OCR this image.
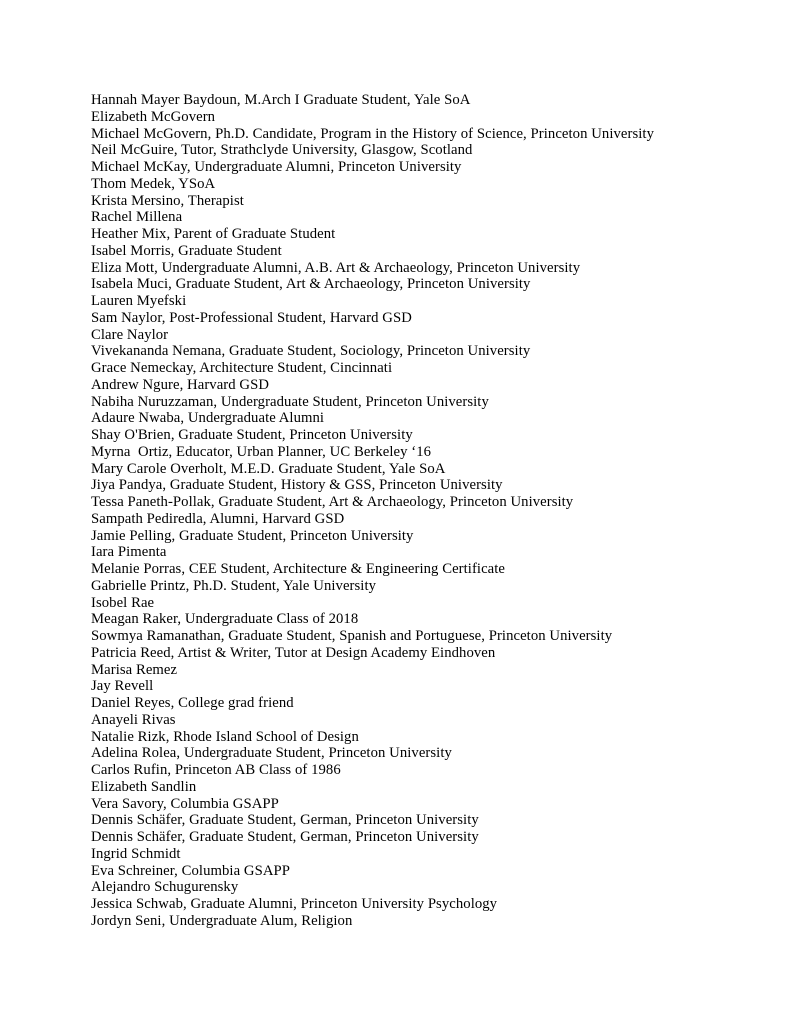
Hannah Mayer Baydoun, M.Arch I Graduate Student, Yale SoA
Elizabeth McGovern
Michael McGovern, Ph.D. Candidate, Program in the History of Science, Princeton University
Neil McGuire, Tutor, Strathclyde University, Glasgow, Scotland
Michael McKay, Undergraduate Alumni, Princeton University
Thom Medek, YSoA
Krista Mersino, Therapist
Rachel Millena
Heather Mix, Parent of Graduate Student
Isabel Morris, Graduate Student
Eliza Mott, Undergraduate Alumni, A.B. Art & Archaeology, Princeton University
Isabela Muci, Graduate Student, Art & Archaeology, Princeton University
Lauren Myefski
Sam Naylor, Post-Professional Student, Harvard GSD
Clare Naylor
Vivekananda Nemana, Graduate Student, Sociology, Princeton University
Grace Nemeckay, Architecture Student, Cincinnati
Andrew Ngure, Harvard GSD
Nabiha Nuruzzaman, Undergraduate Student, Princeton University
Adaure Nwaba, Undergraduate Alumni
Shay O'Brien, Graduate Student, Princeton University
Myrna  Ortiz, Educator, Urban Planner, UC Berkeley ‘16
Mary Carole Overholt, M.E.D. Graduate Student, Yale SoA
Jiya Pandya, Graduate Student, History & GSS, Princeton University
Tessa Paneth-Pollak, Graduate Student, Art & Archaeology, Princeton University
Sampath Pediredla, Alumni, Harvard GSD
Jamie Pelling, Graduate Student, Princeton University
Iara Pimenta
Melanie Porras, CEE Student, Architecture & Engineering Certificate
Gabrielle Printz, Ph.D. Student, Yale University
Isobel Rae
Meagan Raker, Undergraduate Class of 2018
Sowmya Ramanathan, Graduate Student, Spanish and Portuguese, Princeton University
Patricia Reed, Artist & Writer, Tutor at Design Academy Eindhoven
Marisa Remez
Jay Revell
Daniel Reyes, College grad friend
Anayeli Rivas
Natalie Rizk, Rhode Island School of Design
Adelina Rolea, Undergraduate Student, Princeton University
Carlos Rufin, Princeton AB Class of 1986
Elizabeth Sandlin
Vera Savory, Columbia GSAPP
Dennis Schäfer, Graduate Student, German, Princeton University
Dennis Schäfer, Graduate Student, German, Princeton University
Ingrid Schmidt
Eva Schreiner, Columbia GSAPP
Alejandro Schugurensky
Jessica Schwab, Graduate Alumni, Princeton University Psychology
Jordyn Seni, Undergraduate Alum, Religion
